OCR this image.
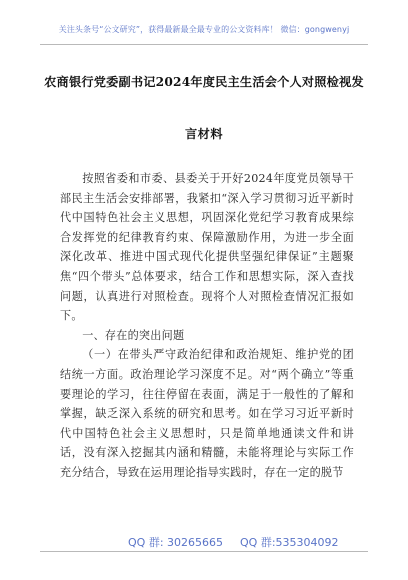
关注头条号“公文研究”，获得最新最全最专业的公文资料库！ 微信：gongwenyj
农商银行党委副书记2024年度民主生活会个人对照检视发
言材料

按照省委和市委、县委关于开好2024年度党员领导干部民主生活会安排部署，我紧扣“深入学习贯彻习近平新时代中国特色社会主义思想，巩固深化党纪学习教育成果综合发挥党的纪律教育约束、保障激励作用，为进一步全面深化改革、推进中国式现代化提供坚强纪律保证”主题聚焦“四个带头”总体要求，结合工作和思想实际，深入查找问题，认真进行对照检查。现将个人对照检查情况汇报如下。

一、存在的突出问题

（一）在带头严守政治纪律和政治规矩、维护党的团结统一方面。政治理论学习深度不足。对“两个确立”等重要理论的学习，往往停留在表面，满足于一般性的了解和掌握，缺乏深入系统的研究和思考。如在学习习近平新时代中国特色社会主义思想时，只是简单地通读文件和讲话，没有深入挖掘其内涵和精髓，未能将理论与实际工作充分结合，导致在运用理论指导实践时，存在一定的脱节

QQ 群: 30265665 QQ 群:535304092
